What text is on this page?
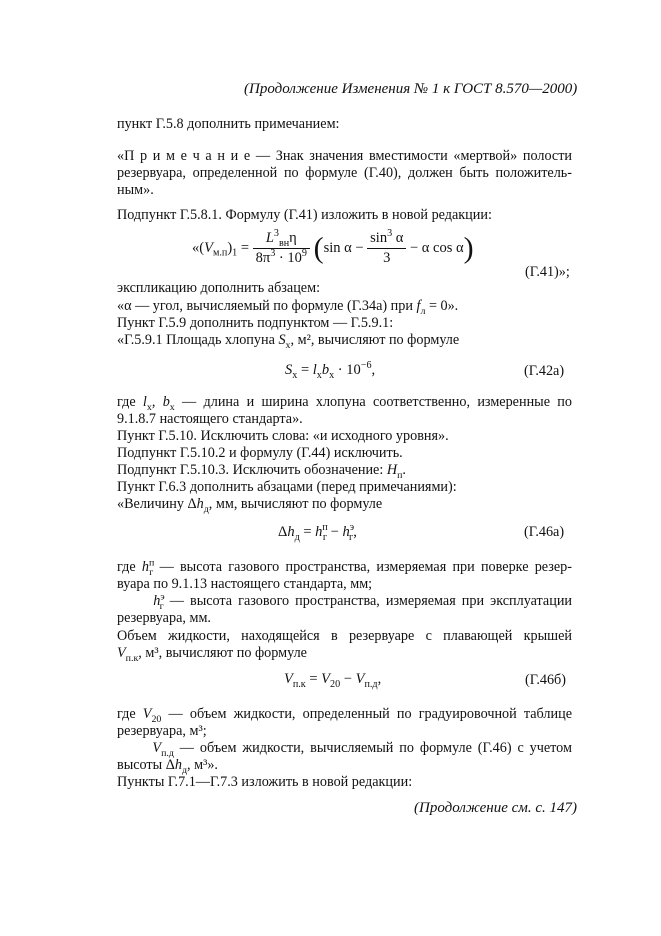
(Продолжение Изменения № 1 к ГОСТ 8.570—2000)
пункт Г.5.8 дополнить примечанием:
«П р и м е ч а н и е — Знак значения вместимости «мертвой» полости
резервуара, определенной по формуле (Г.40), должен быть положитель-
ным».
Подпункт Г.5.8.1. Формулу (Г.41) изложить в новой редакции:
«$(V_{м.п})_1 = \frac{L^3_{вн}\eta}{8\pi^3 \cdot 10^9} (\sin$ $\alpha - \frac{\sin^3 \alpha}{3} - \alpha$ cos α)
(Г.41)»;
экспликацию дополнить абзацем:
«α — угол, вычисляемый по формуле (Г.34а) при $f_л = 0$».
Пункт Г.5.9 дополнить подпунктом — Г.5.9.1:
«Г.5.9.1 Площадь хлопуна $S_х$, м², вычисляют по формуле
$S_х = l_хb_х \cdot 10^{-6}$,	(Г.42а)
где $l_х$, $b_х$ — длина и ширина хлопуна соответственно, измеренные по
9.1.8.7 настоящего стандарта».
Пункт Г.5.10. Исключить слова: «и исходного уровня».
Подпункт Г.5.10.2 и формулу (Г.44) исключить.
Подпункт Г.5.10.3. Исключить обозначение: $H_п$.
Пункт Г.6.3 дополнить абзацами (перед примечаниями):
«Величину $\Delta h_д$, мм, вычисляют по формуле
$\Delta h_д = h^п_г - h^э_г$,	(Г.46а)
где $h^п_г$ — высота газового пространства, измеряемая при поверке резер-
вуара по 9.1.13 настоящего стандарта, мм;
$h^э_г$ — высота газового пространства, измеряемая при эксплуатации
резервуара, мм.
Объем жидкости, находящейся в резервуаре с плавающей крышей
$V_{п.к}$, м³, вычисляют по формуле
$V_{п.к} = V_{20} - V_{п.д}$,	(Г.46б)
где $V_{20}$ — объем жидкости, определенный по градуировочной таблице
резервуара, м³;
$V_{п.д}$ — объем жидкости, вычисляемый по формуле (Г.46) с учетом
высоты $\Delta h_д$, м³».
Пункты Г.7.1—Г.7.3 изложить в новой редакции:
(Продолжение см. с. 147)
